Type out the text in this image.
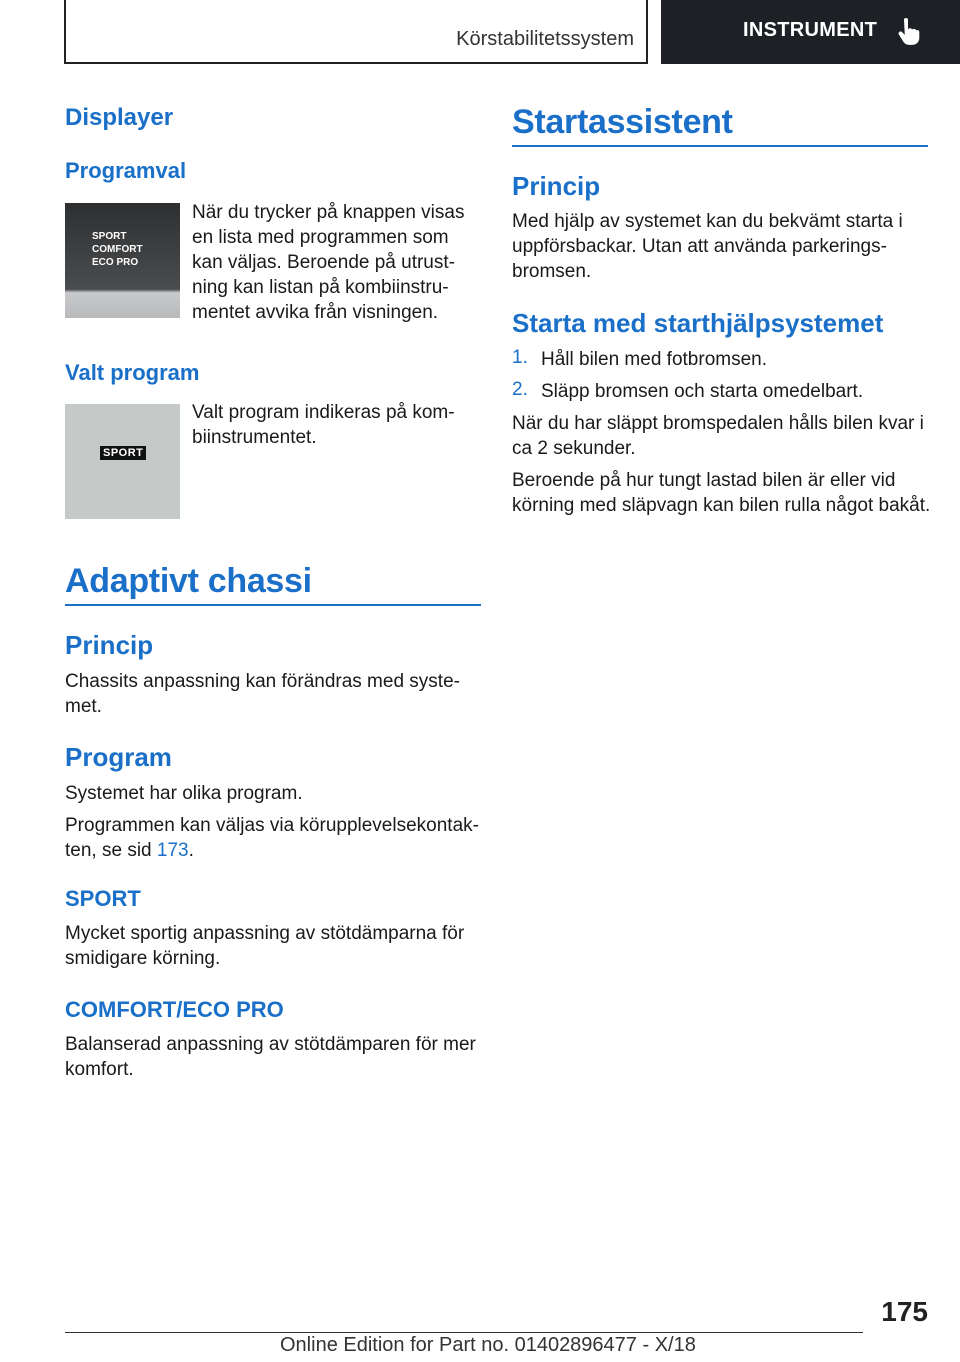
Körstabilitetssystem	INSTRUMENT
Displayer
Programval
SPORT
COMFORT
ECO PRO

När du trycker på knappen visas

en lista med programmen som

kan väljas. Beroende på utrust-

ning kan listan på kombiinstru-

mentet avvika från visningen.

Valt program
SPORT

Valt program indikeras på kom-

biinstrumentet.

Adaptivt chassi
Princip

Chassits anpassning kan förändras med syste-

met.

Program

Systemet har olika program.

Programmen kan väljas via körupplevelsekontak-

ten, se sid 173.

SPORT

Mycket sportig anpassning av stötdämparna för

smidigare körning.

COMFORT/ECO PRO

Balanserad anpassning av stötdämparen för mer

komfort.

Startassistent
Princip

Med hjälp av systemet kan du bekvämt starta i

uppförsbackar. Utan att använda parkerings-

bromsen.

Starta med starthjälpsystemet
1. Håll bilen med fotbromsen.

2. Släpp bromsen och starta omedelbart.

När du har släppt bromspedalen hålls bilen kvar i

ca 2 sekunder.

Beroende på hur tungt lastad bilen är eller vid

körning med släpvagn kan bilen rulla något bakåt.

175
Online Edition for Part no. 01402896477 - X/18
